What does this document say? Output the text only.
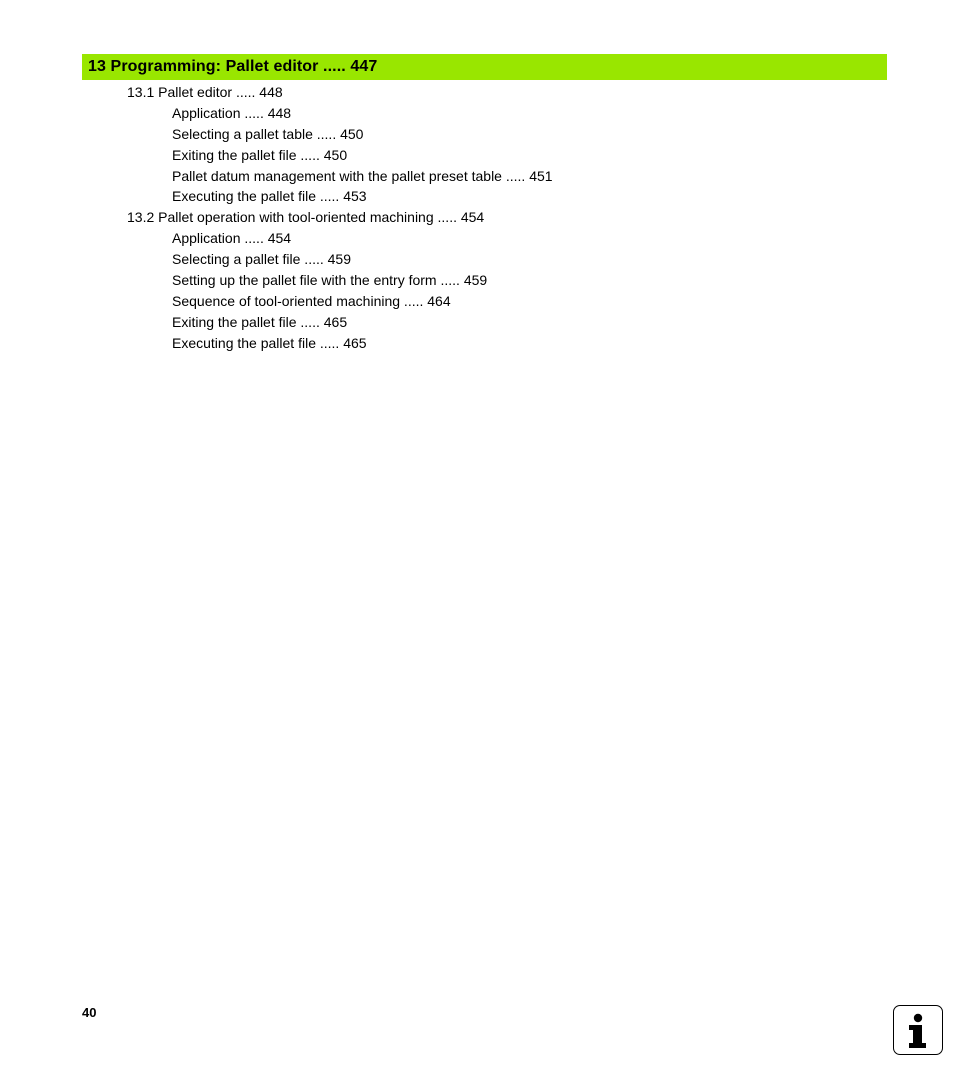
13 Programming: Pallet editor ..... 447
13.1 Pallet editor ..... 448
Application ..... 448
Selecting a pallet table ..... 450
Exiting the pallet file ..... 450
Pallet datum management with the pallet preset table ..... 451
Executing the pallet file ..... 453
13.2 Pallet operation with tool-oriented machining ..... 454
Application ..... 454
Selecting a pallet file ..... 459
Setting up the pallet file with the entry form ..... 459
Sequence of tool-oriented machining ..... 464
Exiting the pallet file ..... 465
Executing the pallet file ..... 465
40
